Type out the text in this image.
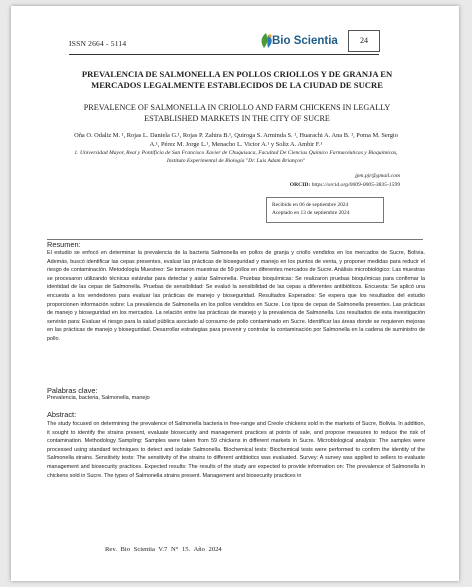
ISSN 2664 - 5114	Bio Scientia	24
PREVALENCIA DE SALMONELLA EN POLLOS CRIOLLOS Y DE GRANJA EN MERCADOS LEGALMENTE ESTABLECIDOS DE LA CIUDAD DE SUCRE
PREVALENCE OF SALMONELLA IN CRIOLLO AND FARM CHICKENS IN LEGALLY ESTABLISHED MARKETS IN THE CITY OF SUCRE
Oña O. Odaliz M. ¹, Rojas L. Daniela G.¹, Rojas P. Zahira B.¹, Quiroga S. Arminda S. ¹, Huarachi A. Ana B. ¹, Poma M. Sergio A.¹, Pérez M. Jorge L.¹, Menacho L. Victor A.¹ y Soliz A. Ambir F.¹
1. Universidad Mayor, Real y Pontificia de San Francisco Xavier de Chuquisaca, Facultad De Ciencias Químico Farmacéuticas y Bioquímicas, Instituto Experimental de Biología "Dr. Luis Adam Briançon"
jpm.pjr@gmail.com
ORCID: https://orcid.org/0009-0005-3835-1599
Recibido en 06 de septiembre 2024
Aceptado en 13 de septiembre 2024
Resumen:
El estudio se enfocó en determinar la prevalencia de la bacteria Salmonella en pollos de granja y criollo vendidos en los mercados de Sucre, Bolivia. Además, buscó identificar las cepas presentes, evaluar las prácticas de bioseguridad y manejo en los puntos de venta, y proponer medidas para reducir el riesgo de contaminación. Metodología Muestreo: Se tomaron muestras de 59 pollos en diferentes mercados de Sucre. Análisis microbiológico: Las muestras se procesaron utilizando técnicas estándar para detectar y aislar Salmonella. Pruebas bioquímicas: Se realizaron pruebas bioquímicas para confirmar la identidad de las cepas de Salmonella. Pruebas de sensibilidad: Se evaluó la sensibilidad de las cepas a diferentes antibióticos. Encuesta: Se aplicó una encuesta a los vendedores para evaluar las prácticas de manejo y bioseguridad. Resultados Esperados: Se espera que los resultados del estudio proporcionen información sobre: La prevalencia de Salmonella en los pollos vendidos en Sucre. Los tipos de cepas de Salmonella presentes. Las prácticas de manejo y bioseguridad en los mercados. La relación entre las prácticas de manejo y la prevalencia de Salmonella. Los resultados de esta investigación servirán para: Evaluar el riesgo para la salud pública asociado al consumo de pollo contaminado en Sucre. Identificar las áreas donde se requieren mejoras en las prácticas de manejo y bioseguridad. Desarrollar estrategias para prevenir y controlar la contaminación por Salmonella en la cadena de suministro de pollo.
Palabras clave:
Prevalencia, bacteria, Salmonella, manejo
Abstract:
The study focused on determining the prevalence of Salmonella bacteria in free-range and Creole chickens sold in the markets of Sucre, Bolivia. In addition, it sought to identify the strains present, evaluate biosecurity and management practices at points of sale, and propose measures to reduce the risk of contamination. Methodology Sampling: Samples were taken from 59 chickens in different markets in Sucre. Microbiological analysis: The samples were processed using standard techniques to detect and isolate Salmonella. Biochemical tests: Biochemical tests were performed to confirm the identity of the Salmonella strains. Sensitivity tests: The sensitivity of the strains to different antibiotics was evaluated. Survey: A survey was applied to sellers to evaluate management and biosecurity practices. Expected results: The results of the study are expected to provide information on: The prevalence of Salmonella in chickens sold in Sucre. The types of Salmonella strains present. Management and biosecurity practices in
Rev. Bio Scientia V.7 N° 15. Año 2024
